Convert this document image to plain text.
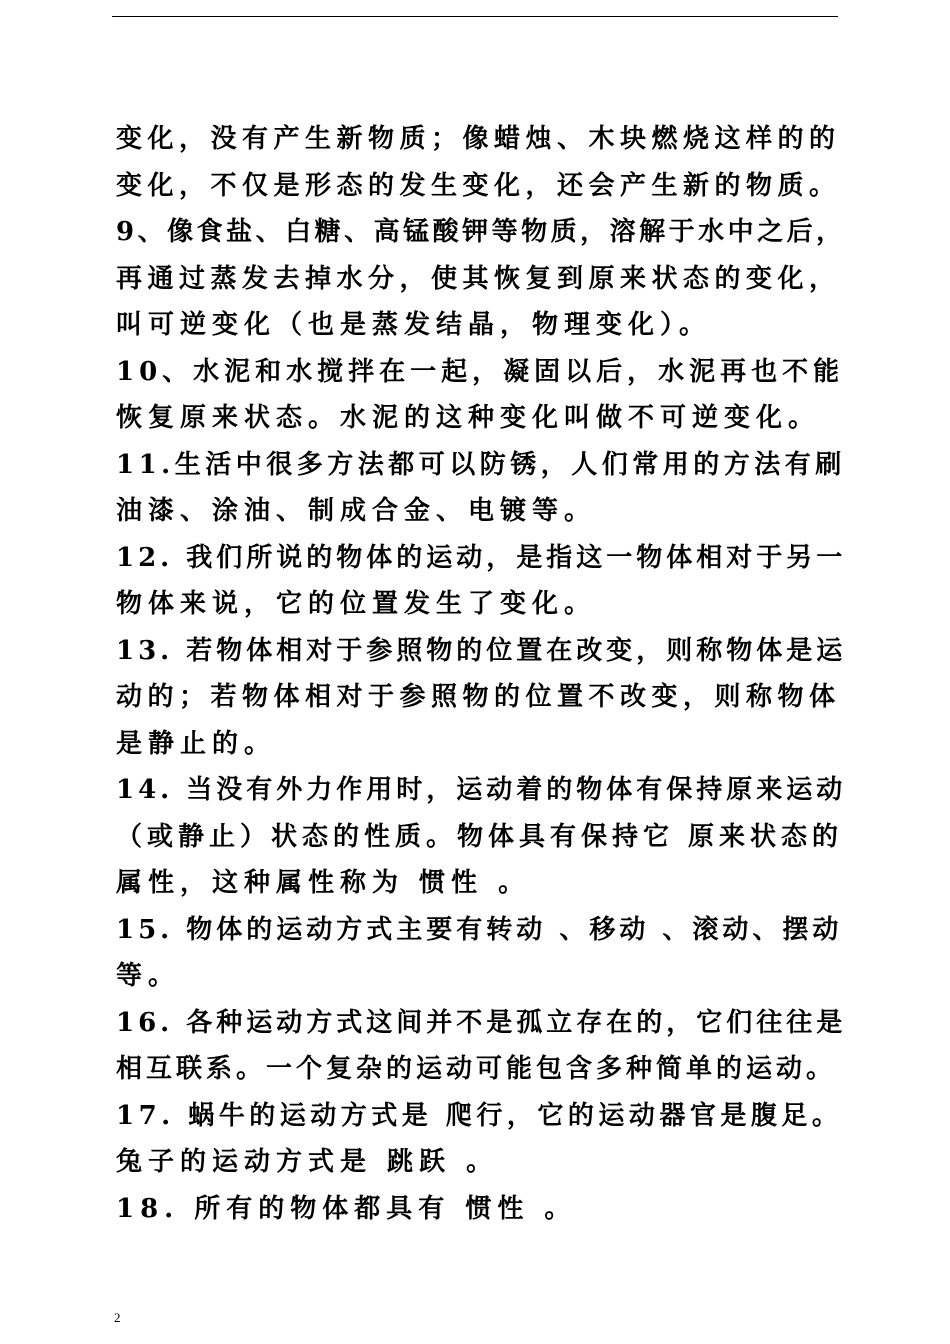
变化，没有产生新物质；像蜡烛、木块燃烧这样的的
变化，不仅是形态的发生变化，还会产生新的物质。
9、像食盐、白糖、高锰酸钾等物质，溶解于水中之后，
再通过蒸发去掉水分，使其恢复到原来状态的变化，
叫可逆变化（也是蒸发结晶，物理变化）。
10、水泥和水搅拌在一起，凝固以后，水泥再也不能
恢复原来状态。水泥的这种变化叫做不可逆变化。
11.生活中很多方法都可以防锈，人们常用的方法有刷
油漆、涂油、制成合金、电镀等。
12. 我们所说的物体的运动，是指这一物体相对于另一
物体来说，它的位置发生了变化。
13. 若物体相对于参照物的位置在改变，则称物体是运
动的；若物体相对于参照物的位置不改变，则称物体
是静止的。
14. 当没有外力作用时，运动着的物体有保持原来运动
（或静止）状态的性质。物体具有保持它 原来状态的
属性，这种属性称为 惯性 。
15. 物体的运动方式主要有转动 、移动 、滚动、摆动
等。
16. 各种运动方式这间并不是孤立存在的，它们往往是
相互联系。一个复杂的运动可能包含多种简单的运动。
17. 蜗牛的运动方式是 爬行，它的运动器官是腹足。
兔子的运动方式是 跳跃 。
18. 所有的物体都具有 惯性 。
2
